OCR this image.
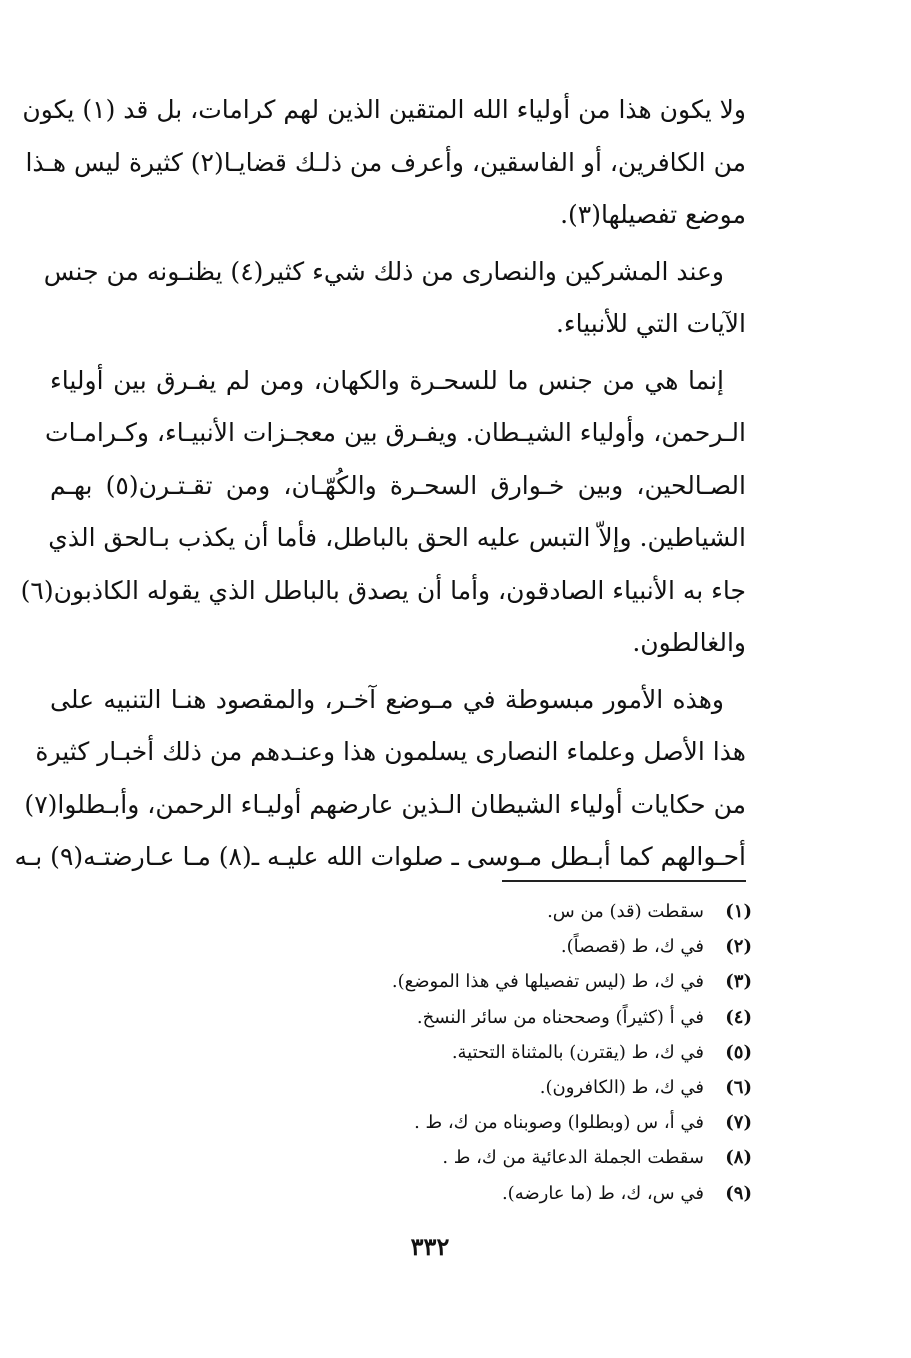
ولا يكون هذا من أولياء الله المتقين الذين لهم كرامات، بل قد (١) يكون
من الكافرين، أو الفاسقين، وأعرف من ذلـك قضايـا(٢) كثيرة ليس هـذا
موضع تفصيلها(٣).

وعند المشركين والنصارى من ذلك شيء كثير(٤) يظنـونه من جنس
الآيات التي للأنبياء.

إنما هي من جنس ما للسحـرة والكهان، ومن لم يفـرق بين أولياء
الـرحمن، وأولياء الشيـطان. ويفـرق بين معجـزات الأنبيـاء، وكـرامـات
الصـالحين، وبين خـوارق السحـرة والكُهّـان، ومن تقـتـرن(٥) بهـم
الشياطين. وإلاّ التبس عليه الحق بالباطل، فأما أن يكذب بـالحق الذي
جاء به الأنبياء الصادقون، وأما أن يصدق بالباطل الذي يقوله الكاذبون(٦)
والغالطون.

وهذه الأمور مبسوطة في مـوضع آخـر، والمقصود هنـا التنبيه على
هذا الأصل وعلماء النصارى يسلمون هذا وعنـدهم من ذلك أخبـار كثيرة
من حكايات أولياء الشيطان الـذين عارضهم أوليـاء الرحمن، وأبـطلوا(٧)
أحـوالهم كما أبـطل مـوسى ـ صلوات الله عليـه ـ(٨) مـا عـارضتـه(٩) بـه

(١)
سقطت (قد) من س.
(٢)
في ك، ط (قصصاً).
(٣)
في ك، ط (ليس تفصيلها في هذا الموضع).
(٤)
في أ (كثيراً) وصححناه من سائر النسخ.
(٥)
في ك، ط (يقترن) بالمثناة التحتية.
(٦)
في ك، ط (الكافرون).
(٧)
في أ، س (وبطلوا) وصوبناه من ك، ط .
(٨)
سقطت الجملة الدعائية من ك، ط .
(٩)
في س، ك، ط (ما عارضه).
٣٣٢
